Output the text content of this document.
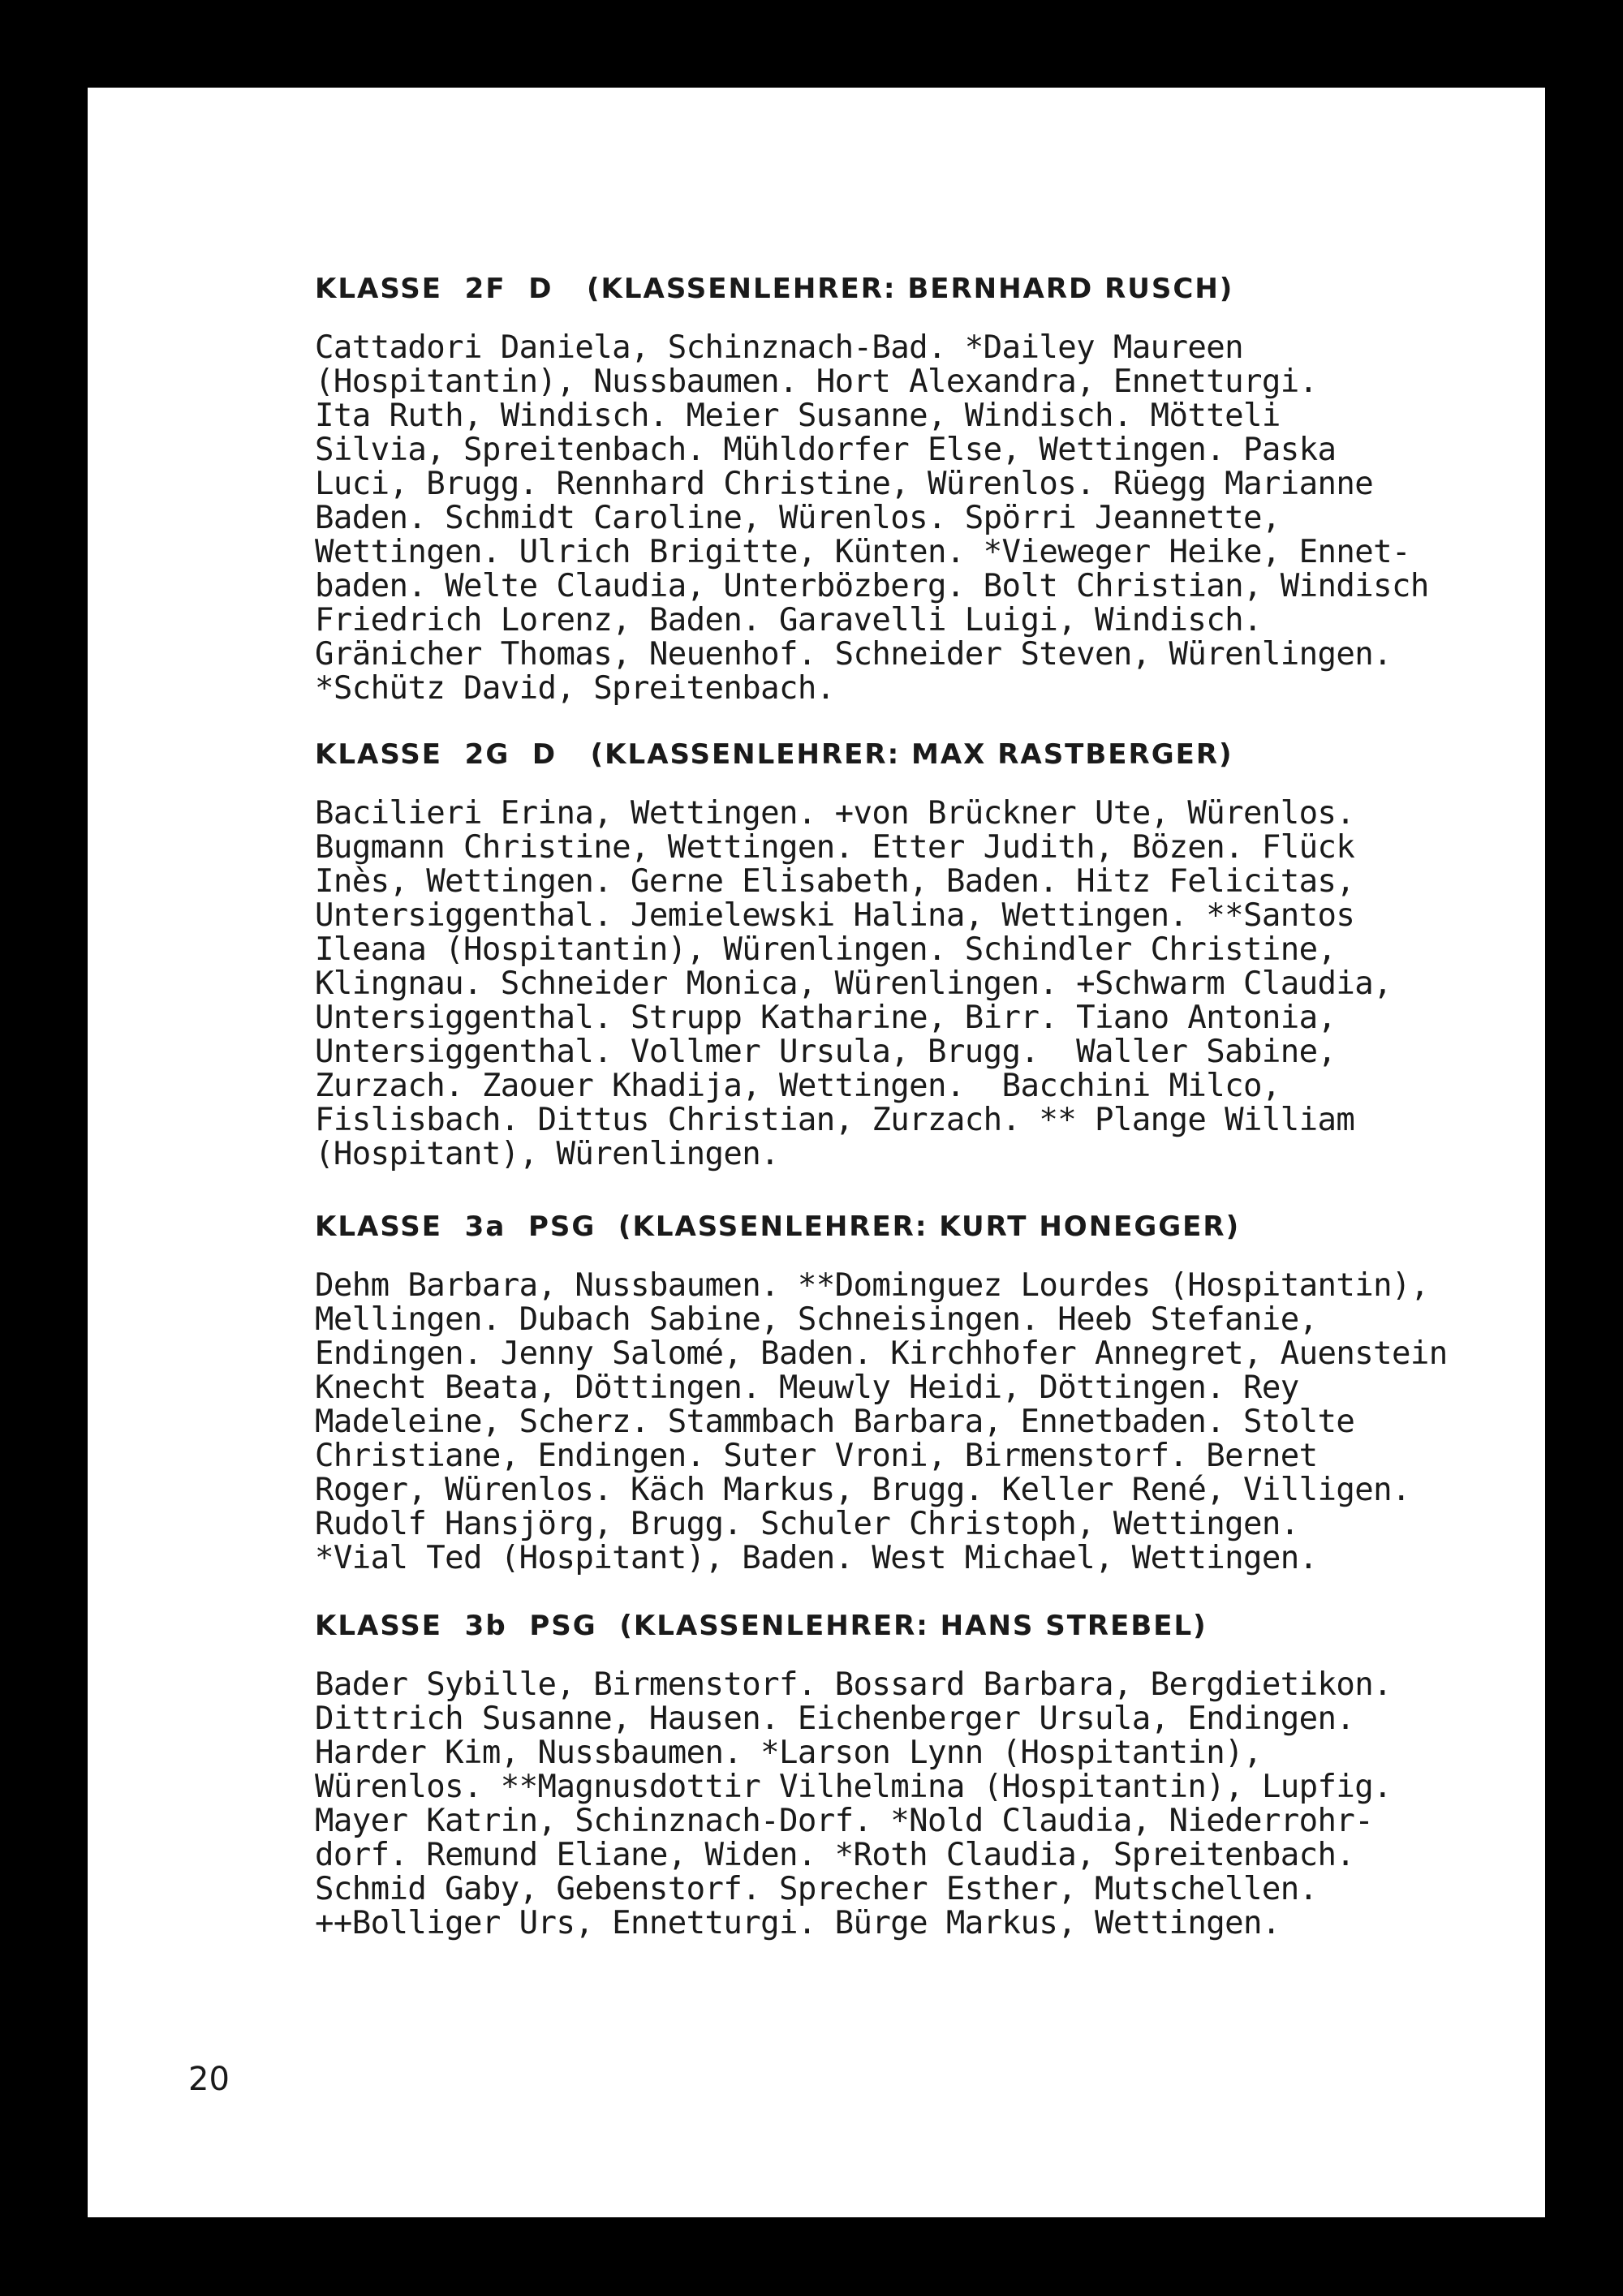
KLASSE  2F  D   (KLASSENLEHRER: BERNHARD RUSCH)
Cattadori Daniela, Schinznach-Bad. *Dailey Maureen
(Hospitantin), Nussbaumen. Hort Alexandra, Ennetturgi.
Ita Ruth, Windisch. Meier Susanne, Windisch. Mötteli
Silvia, Spreitenbach. Mühldorfer Else, Wettingen. Paska
Luci, Brugg. Rennhard Christine, Würenlos. Rüegg Marianne
Baden. Schmidt Caroline, Würenlos. Spörri Jeannette,
Wettingen. Ulrich Brigitte, Künten. *Vieweger Heike, Ennet-
baden. Welte Claudia, Unterbözberg. Bolt Christian, Windisch
Friedrich Lorenz, Baden. Garavelli Luigi, Windisch.
Gränicher Thomas, Neuenhof. Schneider Steven, Würenlingen.
*Schütz David, Spreitenbach.
KLASSE  2G  D   (KLASSENLEHRER: MAX RASTBERGER)
Bacilieri Erina, Wettingen. +von Brückner Ute, Würenlos.
Bugmann Christine, Wettingen. Etter Judith, Bözen. Flück
Inès, Wettingen. Gerne Elisabeth, Baden. Hitz Felicitas,
Untersiggenthal. Jemielewski Halina, Wettingen. **Santos
Ileana (Hospitantin), Würenlingen. Schindler Christine,
Klingnau. Schneider Monica, Würenlingen. +Schwarm Claudia,
Untersiggenthal. Strupp Katharine, Birr. Tiano Antonia,
Untersiggenthal. Vollmer Ursula, Brugg.  Waller Sabine,
Zurzach. Zaouer Khadija, Wettingen.  Bacchini Milco,
Fislisbach. Dittus Christian, Zurzach. ** Plange William
(Hospitant), Würenlingen.
KLASSE  3a  PSG  (KLASSENLEHRER: KURT HONEGGER)
Dehm Barbara, Nussbaumen. **Dominguez Lourdes (Hospitantin),
Mellingen. Dubach Sabine, Schneisingen. Heeb Stefanie,
Endingen. Jenny Salomé, Baden. Kirchhofer Annegret, Auenstein
Knecht Beata, Döttingen. Meuwly Heidi, Döttingen. Rey
Madeleine, Scherz. Stammbach Barbara, Ennetbaden. Stolte
Christiane, Endingen. Suter Vroni, Birmenstorf. Bernet
Roger, Würenlos. Käch Markus, Brugg. Keller René, Villigen.
Rudolf Hansjörg, Brugg. Schuler Christoph, Wettingen.
*Vial Ted (Hospitant), Baden. West Michael, Wettingen.
KLASSE  3b  PSG  (KLASSENLEHRER: HANS STREBEL)
Bader Sybille, Birmenstorf. Bossard Barbara, Bergdietikon.
Dittrich Susanne, Hausen. Eichenberger Ursula, Endingen.
Harder Kim, Nussbaumen. *Larson Lynn (Hospitantin),
Würenlos. **Magnusdottir Vilhelmina (Hospitantin), Lupfig.
Mayer Katrin, Schinznach-Dorf. *Nold Claudia, Niederrohr-
dorf. Remund Eliane, Widen. *Roth Claudia, Spreitenbach.
Schmid Gaby, Gebenstorf. Sprecher Esther, Mutschellen.
++Bolliger Urs, Ennetturgi. Bürge Markus, Wettingen.
20
